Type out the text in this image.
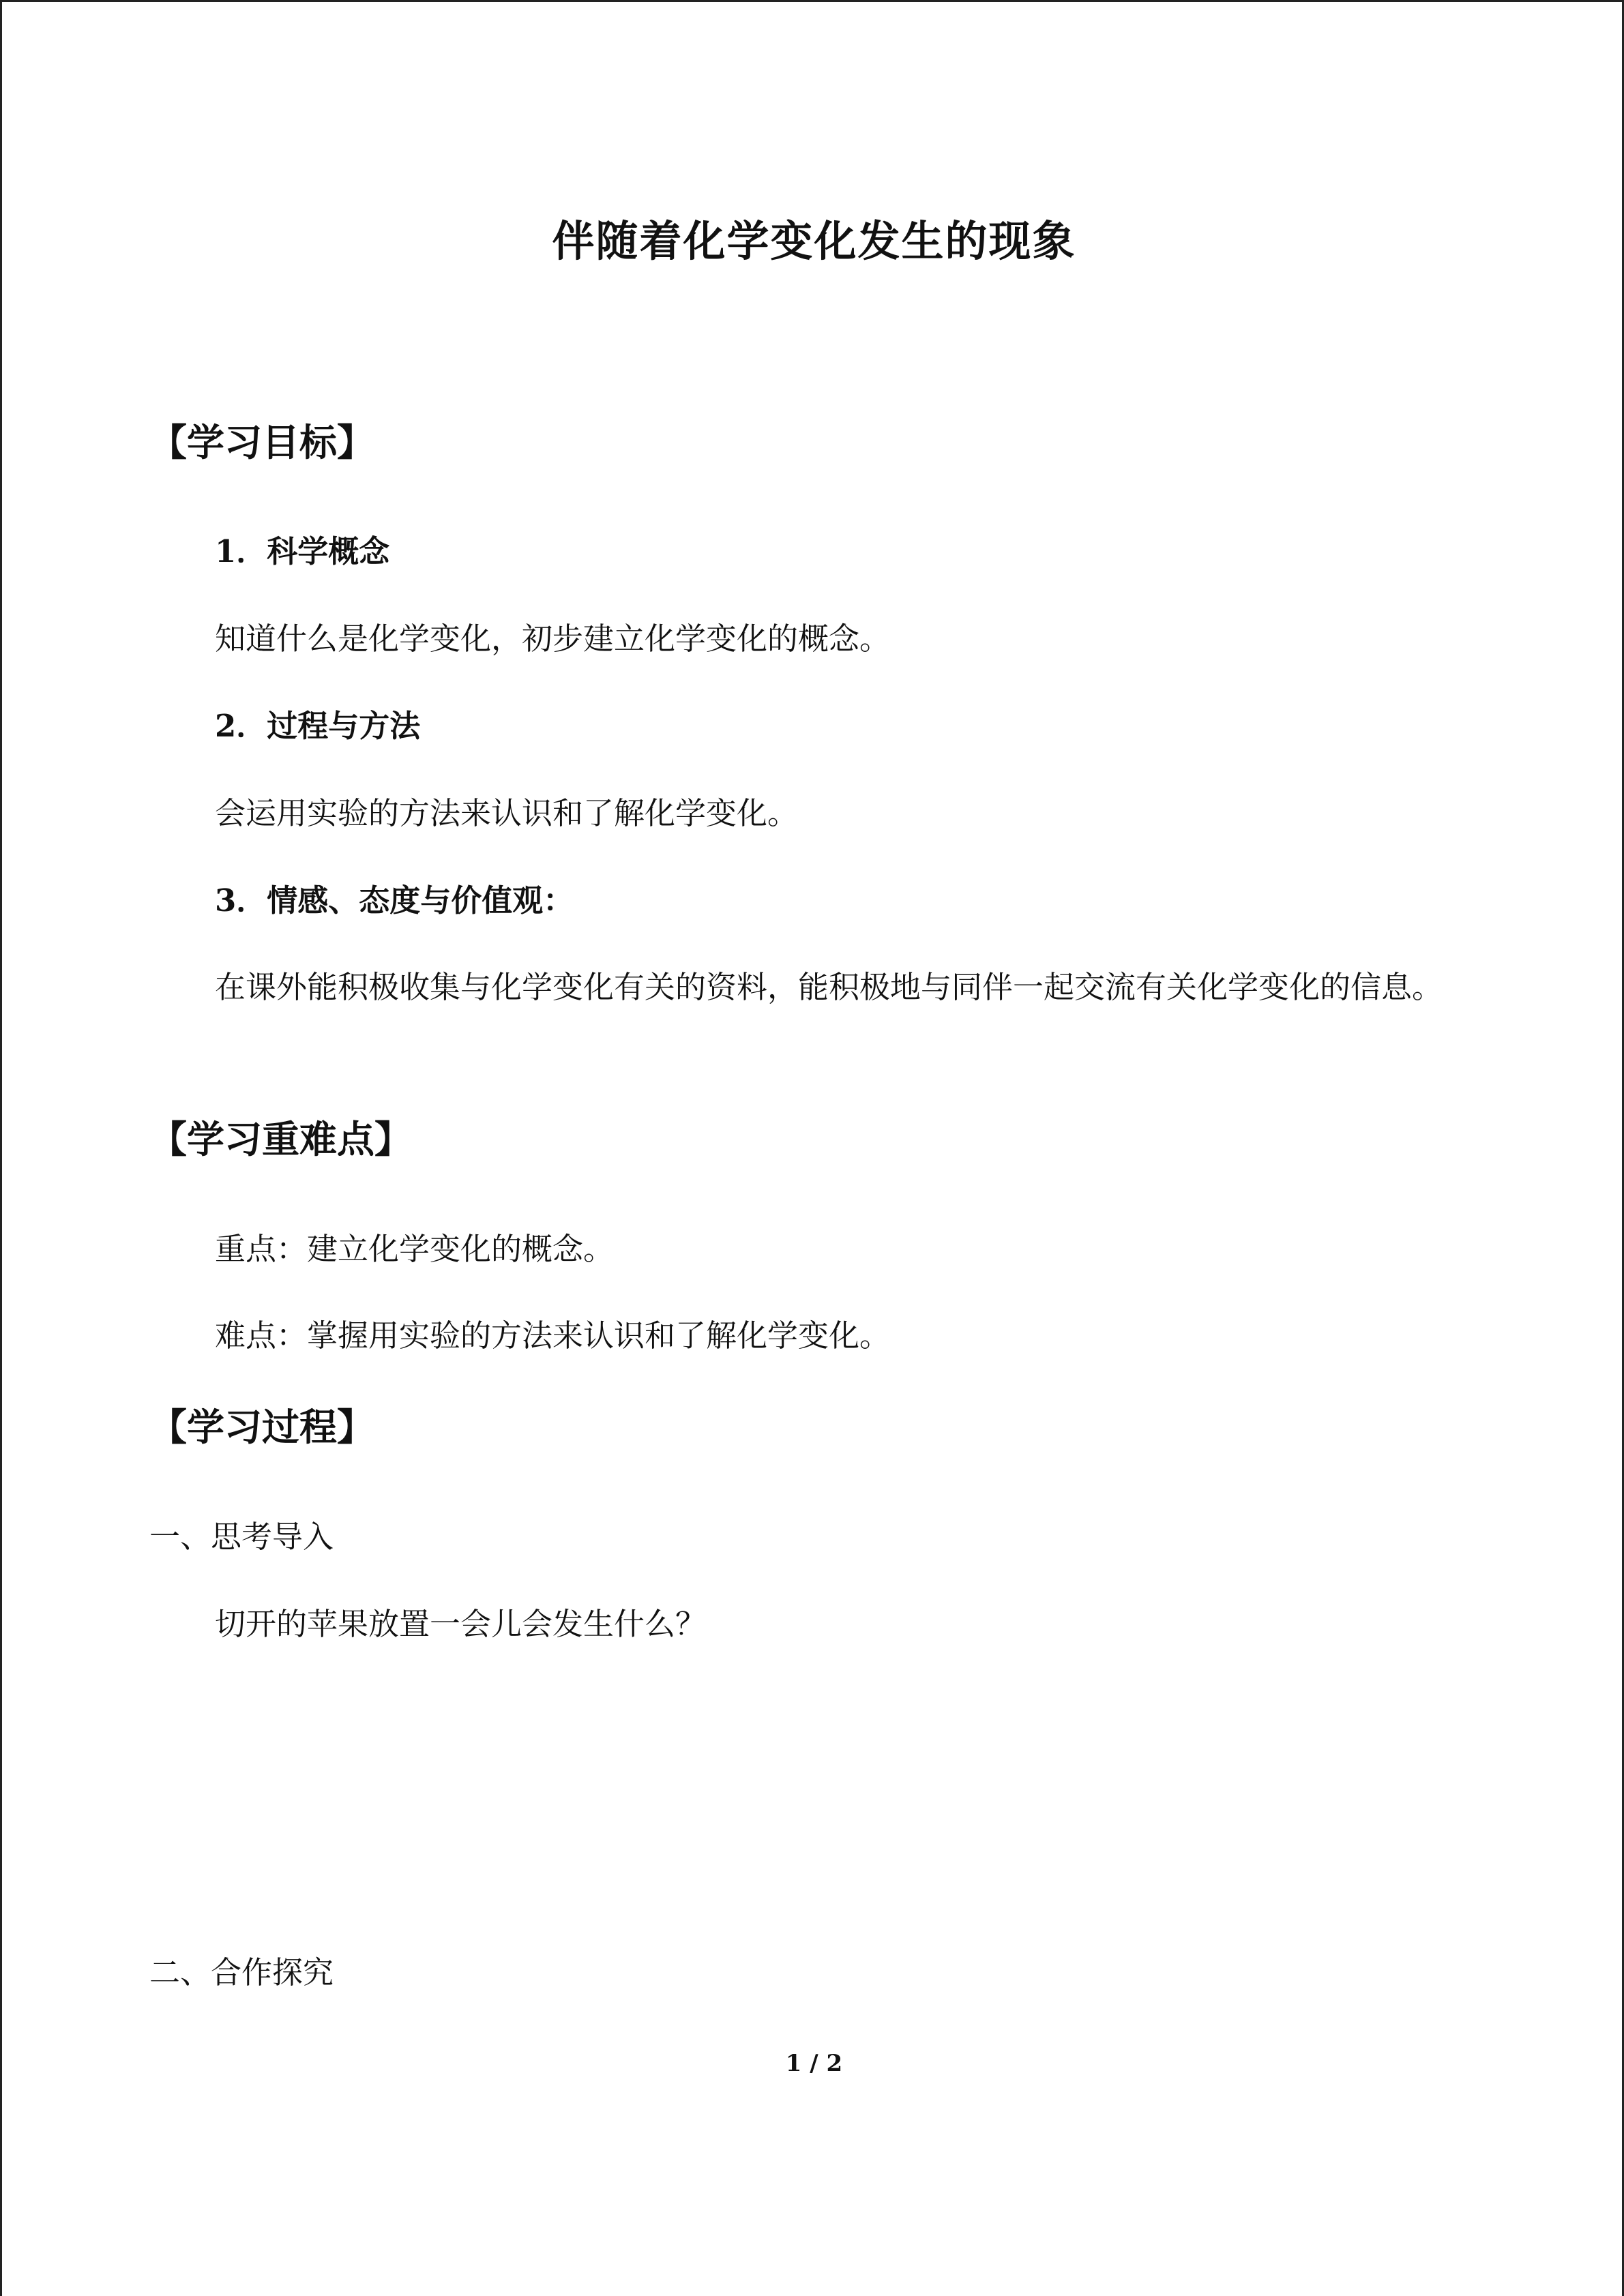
伴随着化学变化发生的现象
【学习目标】
1．科学概念
知道什么是化学变化，初步建立化学变化的概念。
2．过程与方法
会运用实验的方法来认识和了解化学变化。
3．情感、态度与价值观：
在课外能积极收集与化学变化有关的资料，能积极地与同伴一起交流有关化学变化的信息。
【学习重难点】
重点：建立化学变化的概念。
难点：掌握用实验的方法来认识和了解化学变化。
【学习过程】
一、思考导入
切开的苹果放置一会儿会发生什么？
二、合作探究
1 / 2
